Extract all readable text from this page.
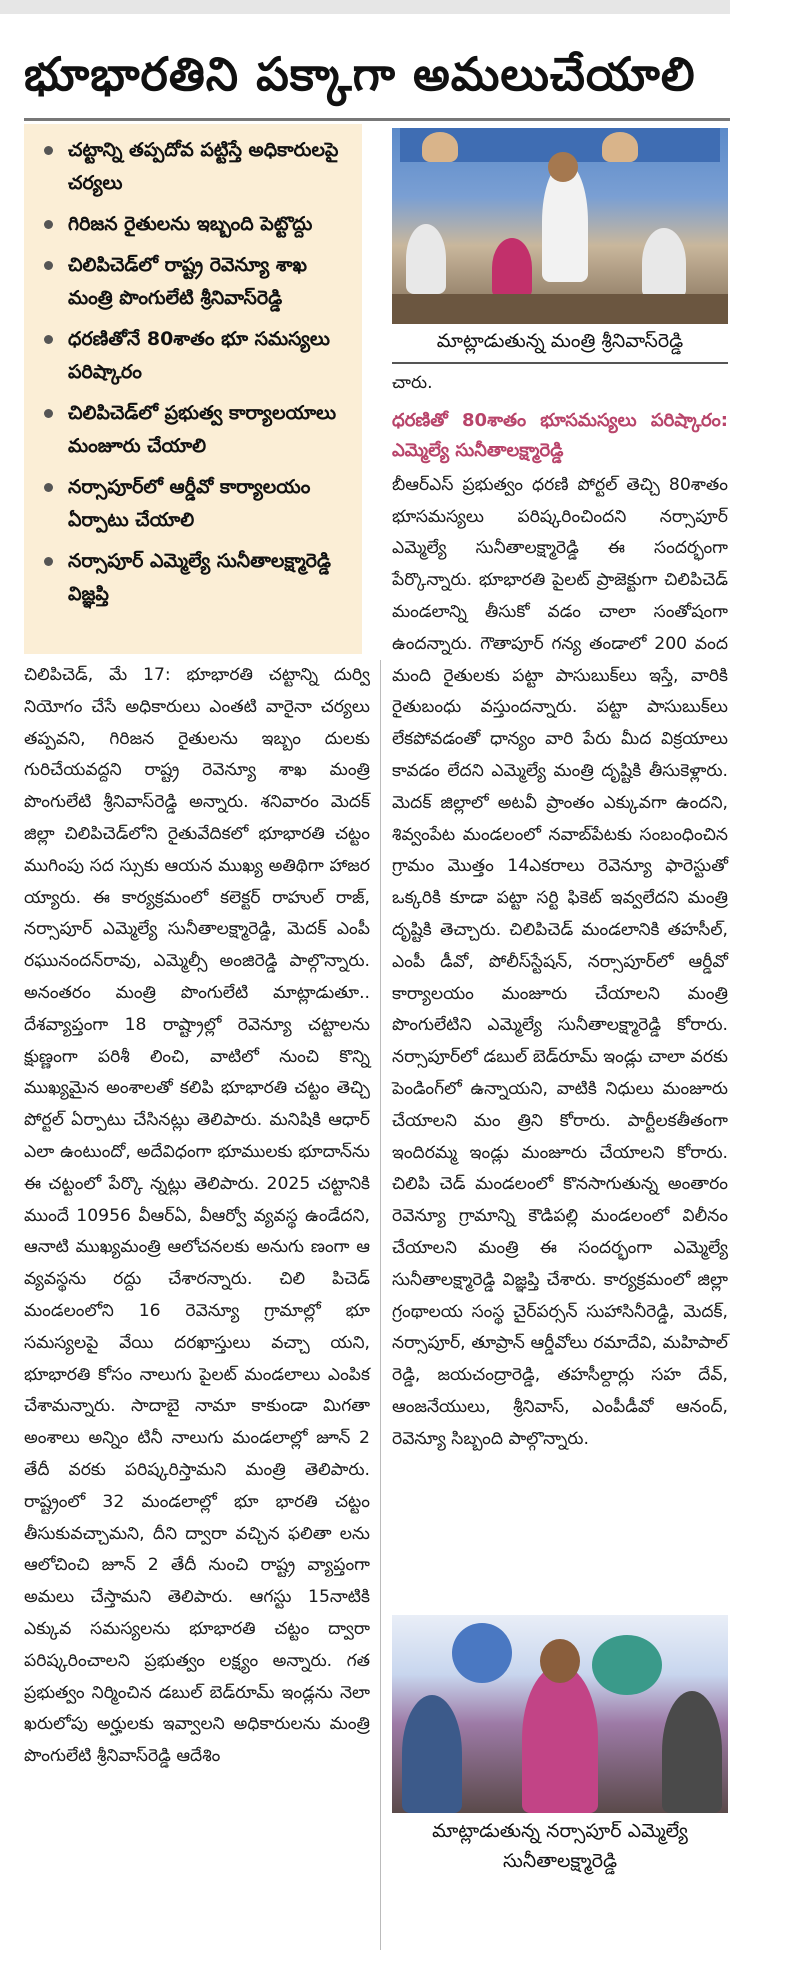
భూభారతిని పక్కాగా అమలుచేయాలి
చట్టాన్ని తప్పదోవ పట్టిస్తే అధికారులపై చర్యలు
గిరిజన రైతులను ఇబ్బంది పెట్టొద్దు
చిలిపిచెడ్‌లో రాష్ట్ర రెవెన్యూ శాఖ మంత్రి పొంగులేటి శ్రీనివాస్‌రెడ్డి
ధరణితోనే 80శాతం భూ సమస్యలు పరిష్కారం
చిలిపిచెడ్‌లో ప్రభుత్వ కార్యాలయాలు మంజూరు చేయాలి
నర్సాపూర్‌లో ఆర్డీవో కార్యాలయం ఏర్పాటు చేయాలి
నర్సాపూర్ ఎమ్మెల్యే సునీతాలక్ష్మారెడ్డి విజ్ఞప్తి
మాట్లాడుతున్న మంత్రి శ్రీనివాస్‌రెడ్డి

చిలిపిచెడ్, మే 17: భూభారతి చట్టాన్ని దుర్వి నియోగం చేసే అధికారులు ఎంతటి వారైనా చర్యలు తప్పవని, గిరిజన రైతులను ఇబ్బం దులకు గురిచేయవద్దని రాష్ట్ర రెవెన్యూ శాఖ మంత్రి పొంగులేటి శ్రీనివాస్‌రెడ్డి అన్నారు. శనివారం మెదక్ జిల్లా చిలిపిచెడ్‌లోని రైతువేదికలో భూభారతి చట్టం ముగింపు సద స్సుకు ఆయన ముఖ్య అతిథిగా హాజర య్యారు. ఈ కార్యక్రమంలో కలెక్టర్ రాహుల్ రాజ్, నర్సాపూర్ ఎమ్మెల్యే సునీతాలక్ష్మారెడ్డి, మెదక్ ఎంపీ రఘునందన్‌రావు, ఎమ్మెల్సీ అంజిరెడ్డి పాల్గొన్నారు. అనంతరం మంత్రి పొంగులేటి మాట్లాడుతూ.. దేశవ్యాప్తంగా 18 రాష్ట్రాల్లో రెవెన్యూ చట్టాలను క్షుణ్ణంగా పరిశీ లించి, వాటిలో నుంచి కొన్ని ముఖ్యమైన అంశాలతో కలిపి భూభారతి చట్టం తెచ్చి పోర్టల్ ఏర్పాటు చేసినట్లు తెలిపారు. మనిషికి ఆధార్ ఎలా ఉంటుందో, అదేవిధంగా భూములకు భూదాన్‌ను ఈ చట్టంలో పేర్కొ న్నట్లు తెలిపారు. 2025 చట్టానికి ముందే 10956 వీఆర్‌ఏ, వీఆర్వో వ్యవస్థ ఉండేదని, ఆనాటి ముఖ్యమంత్రి ఆలోచనలకు అనుగు ణంగా ఆ వ్యవస్థను రద్దు చేశారన్నారు. చిలి పిచెడ్ మండలంలోని 16 రెవెన్యూ గ్రామాల్లో భూ సమస్యలపై వేయి దరఖాస్తులు వచ్చా యని, భూభారతి కోసం నాలుగు పైలట్ మండలాలు ఎంపిక చేశామన్నారు. సాదాబై నామా కాకుండా మిగతా అంశాలు అన్నిం టినీ నాలుగు మండలాల్లో జూన్ 2 తేదీ వరకు పరిష్కరిస్తామని మంత్రి తెలిపారు. రాష్ట్రంలో 32 మండలాల్లో భూ భారతి చట్టం తీసుకువచ్చామని, దీని ద్వారా వచ్చిన ఫలితా లను ఆలోచించి జూన్ 2 తేదీ నుంచి రాష్ట్ర వ్యాప్తంగా అమలు చేస్తామని తెలిపారు. ఆగస్టు 15నాటికి ఎక్కువ సమస్యలను భూభారతి చట్టం ద్వారా పరిష్కరించాలని ప్రభుత్వం లక్ష్యం అన్నారు. గత ప్రభుత్వం నిర్మించిన డబుల్ బెడ్‌రూమ్ ఇండ్లను నెలా ఖరులోపు అర్హులకు ఇవ్వాలని అధికారులను మంత్రి పొంగులేటి శ్రీనివాస్‌రెడ్డి ఆదేశిం

చారు.

ధరణితో 80శాతం భూసమస్యలు పరిష్కారం: ఎమ్మెల్యే సునీతాలక్ష్మారెడ్డి

బీఆర్‌ఎస్ ప్రభుత్వం ధరణి పోర్టల్ తెచ్చి 80శాతం భూసమస్యలు పరిష్కరించిందని నర్సాపూర్ ఎమ్మెల్యే సునీతాలక్ష్మారెడ్డి ఈ సందర్భంగా పేర్కొన్నారు. భూభారతి పైలట్ ప్రాజెక్టుగా చిలిపిచెడ్ మండలాన్ని తీసుకో వడం చాలా సంతోషంగా ఉందన్నారు. గౌతాపూర్ గన్య తండాలో 200 వంద మంది రైతులకు పట్టా పాసుబుక్‌లు ఇస్తే, వారికి రైతుబంధు వస్తుందన్నారు. పట్టా పాసుబుక్‌లు లేకపోవడంతో ధాన్యం వారి పేరు మీద విక్రయాలు కావడం లేదని ఎమ్మెల్యే మంత్రి దృష్టికి తీసుకెళ్లారు. మెదక్ జిల్లాలో అటవీ ప్రాంతం ఎక్కువగా ఉందని, శివ్వంపేట మండలంలో నవాబ్‌పేటకు సంబంధించిన గ్రామం మొత్తం 14ఎకరాలు రెవెన్యూ ఫారెస్టుతో ఒక్కరికి కూడా పట్టా సర్టి ఫికెట్ ఇవ్వలేదని మంత్రి దృష్టికి తెచ్చారు. చిలిపిచెడ్ మండలానికి తహసీల్, ఎంపీ డీవో, పోలీస్‌స్టేషన్, నర్సాపూర్‌లో ఆర్డీవో కార్యాలయం మంజూరు చేయాలని మంత్రి పొంగులేటిని ఎమ్మెల్యే సునీతాలక్ష్మారెడ్డి కోరారు. నర్సాపూర్‌లో డబుల్ బెడ్‌రూమ్ ఇండ్లు చాలా వరకు పెండింగ్‌లో ఉన్నాయని, వాటికి నిధులు మంజూరు చేయాలని మం త్రిని కోరారు. పార్టీలకతీతంగా ఇందిరమ్మ ఇండ్లు మంజూరు చేయాలని కోరారు. చిలిపి చెడ్ మండలంలో కొనసాగుతున్న అంతారం రెవెన్యూ గ్రామాన్ని కౌడిపల్లి మండలంలో విలీనం చేయాలని మంత్రి ఈ సందర్భంగా ఎమ్మెల్యే సునీతాలక్ష్మారెడ్డి విజ్ఞప్తి చేశారు. కార్యక్రమంలో జిల్లా గ్రంథాలయ సంస్థ చైర్‌పర్సన్ సుహాసినీరెడ్డి, మెదక్, నర్సాపూర్, తూప్రాన్ ఆర్డీవోలు రమాదేవి, మహిపాల్ రెడ్డి, జయచంద్రారెడ్డి, తహసీల్దార్లు సహ దేవ్, ఆంజనేయులు, శ్రీనివాస్, ఎంపీడీవో ఆనంద్, రెవెన్యూ సిబ్బంది పాల్గొన్నారు.

మాట్లాడుతున్న నర్సాపూర్ ఎమ్మెల్యే సునీతాలక్ష్మారెడ్డి
